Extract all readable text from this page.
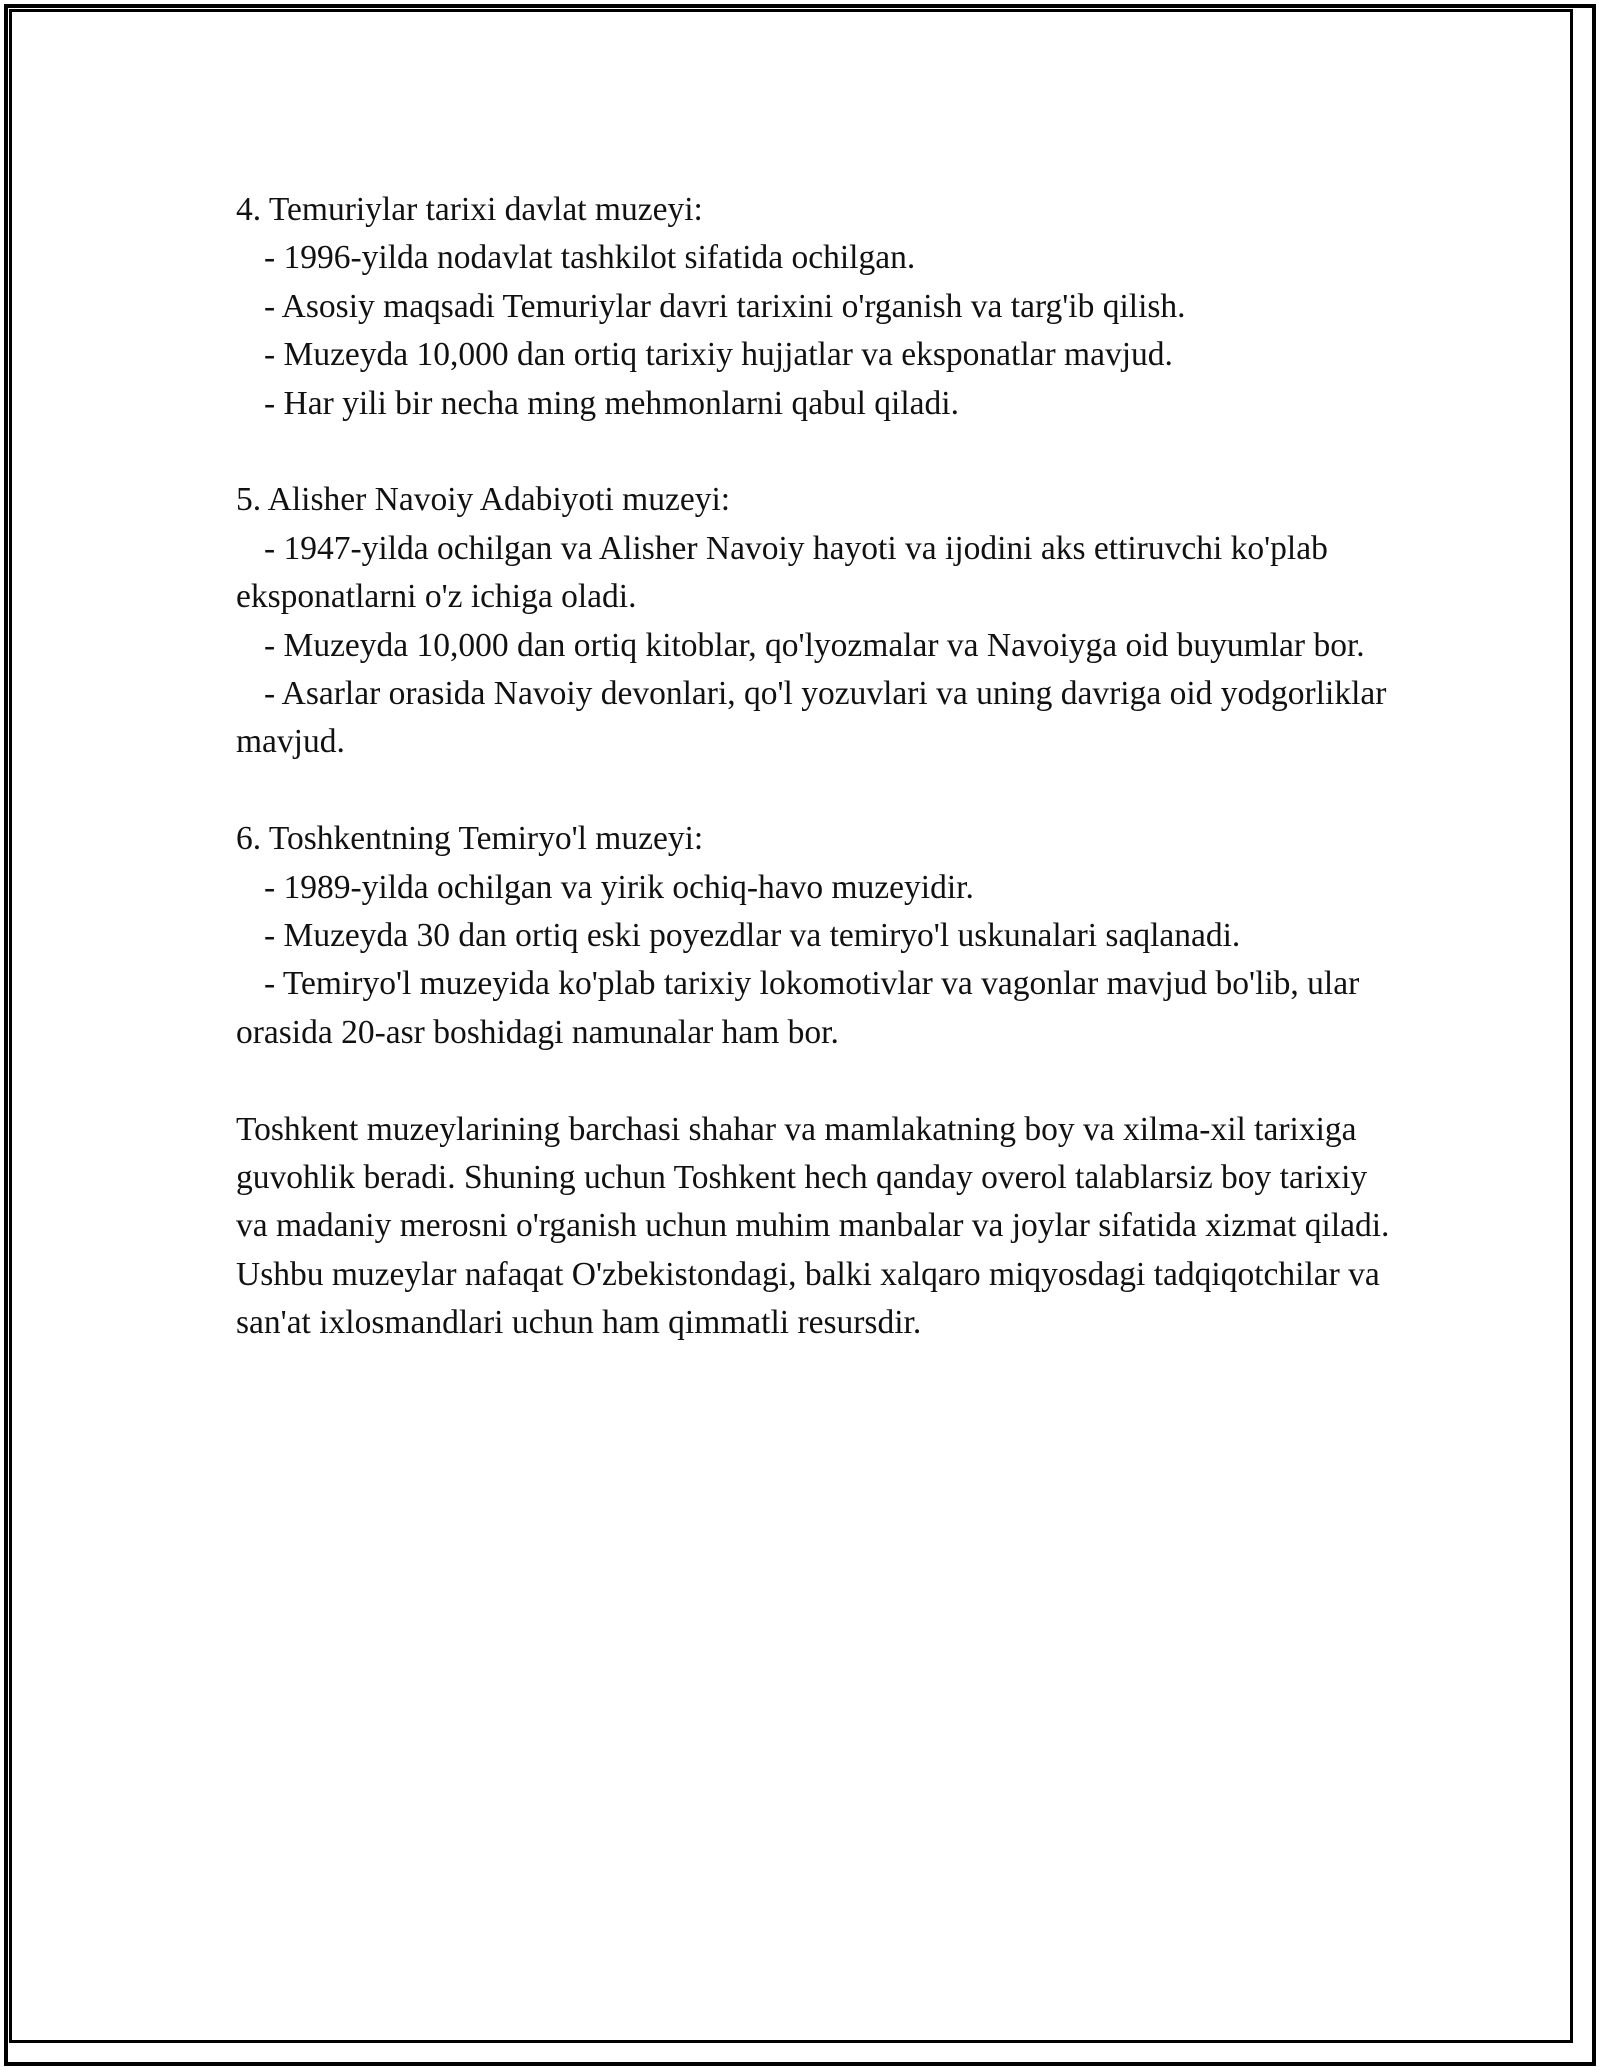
4. Temuriylar tarixi davlat muzeyi:

- 1996-yilda nodavlat tashkilot sifatida ochilgan.

- Asosiy maqsadi Temuriylar davri tarixini o'rganish va targ'ib qilish.

- Muzeyda 10,000 dan ortiq tarixiy hujjatlar va eksponatlar mavjud.

- Har yili bir necha ming mehmonlarni qabul qiladi.

5. Alisher Navoiy Adabiyoti muzeyi:

- 1947-yilda ochilgan va Alisher Navoiy hayoti va ijodini aks ettiruvchi ko'plab eksponatlarni o'z ichiga oladi.

- Muzeyda 10,000 dan ortiq kitoblar, qo'lyozmalar va Navoiyga oid buyumlar bor.

- Asarlar orasida Navoiy devonlari, qo'l yozuvlari va uning davriga oid yodgorliklar mavjud.

6. Toshkentning Temiryo'l muzeyi:

- 1989-yilda ochilgan va yirik ochiq-havo muzeyidir.

- Muzeyda 30 dan ortiq eski poyezdlar va temiryo'l uskunalari saqlanadi.

- Temiryo'l muzeyida ko'plab tarixiy lokomotivlar va vagonlar mavjud bo'lib, ular orasida 20-asr boshidagi namunalar ham bor.

Toshkent muzeylarining barchasi shahar va mamlakatning boy va xilma-xil tarixiga guvohlik beradi. Shuning uchun Toshkent hech qanday overol talablarsiz boy tarixiy va madaniy merosni o'rganish uchun muhim manbalar va joylar sifatida xizmat qiladi. Ushbu muzeylar nafaqat O'zbekistondagi, balki xalqaro miqyosdagi tadqiqotchilar va san'at ixlosmandlari uchun ham qimmatli resursdir.
